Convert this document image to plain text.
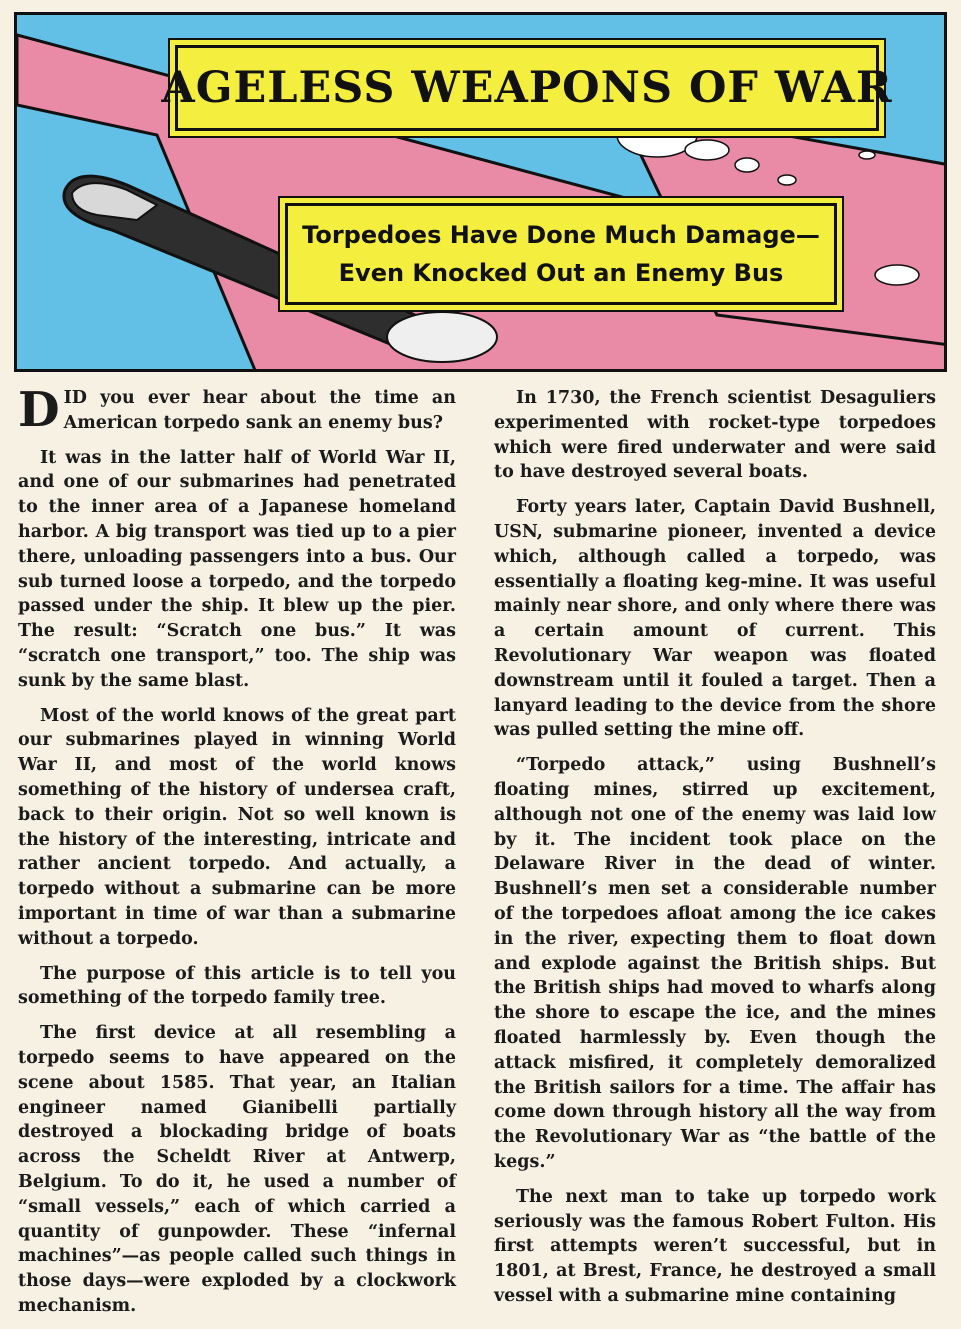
AGELESS WEAPONS OF WAR
Torpedoes Have Done Much Damage—
Even Knocked Out an Enemy Bus

DID you ever hear about the time an American torpedo sank an enemy bus?

It was in the latter half of World War II, and one of our submarines had penetrated to the inner area of a Japanese homeland harbor. A big transport was tied up to a pier there, unloading passengers into a bus. Our sub turned loose a torpedo, and the torpedo passed under the ship. It blew up the pier. The result: “Scratch one bus.” It was “scratch one transport,” too. The ship was sunk by the same blast.

Most of the world knows of the great part our submarines played in winning World War II, and most of the world knows something of the history of undersea craft, back to their origin. Not so well known is the history of the interesting, intricate and rather ancient torpedo. And actually, a torpedo without a submarine can be more important in time of war than a submarine without a torpedo.

The purpose of this article is to tell you something of the torpedo family tree.

The first device at all resembling a torpedo seems to have appeared on the scene about 1585. That year, an Italian engineer named Gianibelli partially destroyed a blockading bridge of boats across the Scheldt River at Antwerp, Belgium. To do it, he used a number of “small vessels,” each of which carried a quantity of gunpowder. These “infernal machines”—as people called such things in those days—were exploded by a clockwork mechanism.

In 1730, the French scientist Desaguliers experimented with rocket-type torpedoes which were fired underwater and were said to have destroyed several boats.

Forty years later, Captain David Bushnell, USN, submarine pioneer, invented a device which, although called a torpedo, was essentially a floating keg-mine. It was useful mainly near shore, and only where there was a certain amount of current. This Revolutionary War weapon was floated downstream until it fouled a target. Then a lanyard leading to the device from the shore was pulled setting the mine off.

“Torpedo attack,” using Bushnell’s floating mines, stirred up excitement, although not one of the enemy was laid low by it. The incident took place on the Delaware River in the dead of winter. Bushnell’s men set a considerable number of the torpedoes afloat among the ice cakes in the river, expecting them to float down and explode against the British ships. But the British ships had moved to wharfs along the shore to escape the ice, and the mines floated harmlessly by. Even though the attack misfired, it completely demoralized the British sailors for a time. The affair has come down through history all the way from the Revolutionary War as “the battle of the kegs.”

The next man to take up torpedo work seriously was the famous Robert Fulton. His first attempts weren’t successful, but in 1801, at Brest, France, he destroyed a small vessel with a submarine mine containing
